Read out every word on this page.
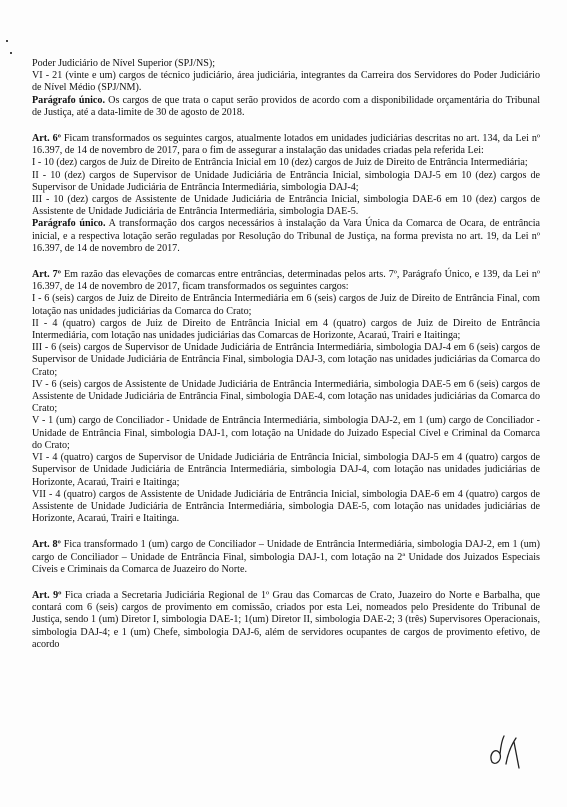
Poder Judiciário de Nível Superior (SPJ/NS);

VI - 21 (vinte e um) cargos de técnico judiciário, área judiciária, integrantes da Carreira dos Servidores do Poder Judiciário de Nível Médio (SPJ/NM).

Parágrafo único. Os cargos de que trata o caput serão providos de acordo com a disponibilidade orçamentária do Tribunal de Justiça, até a data-limite de 30 de agosto de 2018.

Art. 6º Ficam transformados os seguintes cargos, atualmente lotados em unidades judiciárias descritas no art. 134, da Lei nº 16.397, de 14 de novembro de 2017, para o fim de assegurar a instalação das unidades criadas pela referida Lei:

I - 10 (dez) cargos de Juiz de Direito de Entrância Inicial em 10 (dez) cargos de Juiz de Direito de Entrância Intermediária;

II - 10 (dez) cargos de Supervisor de Unidade Judiciária de Entrância Inicial, simbologia DAJ-5 em 10 (dez) cargos de Supervisor de Unidade Judiciária de Entrância Intermediária, simbologia DAJ-4;

III - 10 (dez) cargos de Assistente de Unidade Judiciária de Entrância Inicial, simbologia DAE-6 em 10 (dez) cargos de Assistente de Unidade Judiciária de Entrância Intermediária, simbologia DAE-5.

Parágrafo único. A transformação dos cargos necessários à instalação da Vara Única da Comarca de Ocara, de entrância inicial, e a respectiva lotação serão reguladas por Resolução do Tribunal de Justiça, na forma prevista no art. 19, da Lei nº 16.397, de 14 de novembro de 2017.

Art. 7º Em razão das elevações de comarcas entre entrâncias, determinadas pelos arts. 7º, Parágrafo Único, e 139, da Lei nº 16.397, de 14 de novembro de 2017, ficam transformados os seguintes cargos:

I - 6 (seis) cargos de Juiz de Direito de Entrância Intermediária em 6 (seis) cargos de Juiz de Direito de Entrância Final, com lotação nas unidades judiciárias da Comarca do Crato;

II - 4 (quatro) cargos de Juiz de Direito de Entrância Inicial em 4 (quatro) cargos de Juiz de Direito de Entrância Intermediária, com lotação nas unidades judiciárias das Comarcas de Horizonte, Acaraú, Trairi e Itaitinga;

III - 6 (seis) cargos de Supervisor de Unidade Judiciária de Entrância Intermediária, simbologia DAJ-4 em 6 (seis) cargos de Supervisor de Unidade Judiciária de Entrância Final, simbologia DAJ-3, com lotação nas unidades judiciárias da Comarca do Crato;

IV - 6 (seis) cargos de Assistente de Unidade Judiciária de Entrância Intermediária, simbologia DAE-5 em 6 (seis) cargos de Assistente de Unidade Judiciária de Entrância Final, simbologia DAE-4, com lotação nas unidades judiciárias da Comarca do Crato;

V - 1 (um) cargo de Conciliador - Unidade de Entrância Intermediária, simbologia DAJ-2, em 1 (um) cargo de Conciliador - Unidade de Entrância Final, simbologia DAJ-1, com lotação na Unidade do Juizado Especial Cível e Criminal da Comarca do Crato;

VI - 4 (quatro) cargos de Supervisor de Unidade Judiciária de Entrância Inicial, simbologia DAJ-5 em 4 (quatro) cargos de Supervisor de Unidade Judiciária de Entrância Intermediária, simbologia DAJ-4, com lotação nas unidades judiciárias de Horizonte, Acaraú, Trairi e Itaitinga;

VII - 4 (quatro) cargos de Assistente de Unidade Judiciária de Entrância Inicial, simbologia DAE-6 em 4 (quatro) cargos de Assistente de Unidade Judiciária de Entrância Intermediária, simbologia DAE-5, com lotação nas unidades judiciárias de Horizonte, Acaraú, Trairi e Itaitinga.

Art. 8º Fica transformado 1 (um) cargo de Conciliador – Unidade de Entrância Intermediária, simbologia DAJ-2, em 1 (um) cargo de Conciliador – Unidade de Entrância Final, simbologia DAJ-1, com lotação na 2ª Unidade dos Juizados Especiais Cíveis e Criminais da Comarca de Juazeiro do Norte.

Art. 9º Fica criada a Secretaria Judiciária Regional de 1º Grau das Comarcas de Crato, Juazeiro do Norte e Barbalha, que contará com 6 (seis) cargos de provimento em comissão, criados por esta Lei, nomeados pelo Presidente do Tribunal de Justiça, sendo 1 (um) Diretor I, simbologia DAE-1; 1(um) Diretor II, simbologia DAE-2; 3 (três) Supervisores Operacionais, simbologia DAJ-4; e 1 (um) Chefe, simbologia DAJ-6, além de servidores ocupantes de cargos de provimento efetivo, de acordo
